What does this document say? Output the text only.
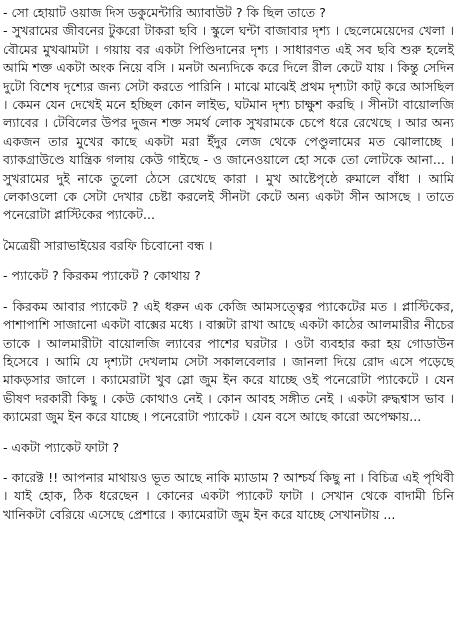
- সো হোয়াট ওয়াজ দিস ডকুমেন্টারি অ্যাবাউট ? কি ছিল তাতে ?

- সুখরামের জীবনের টুকরো টাকরা ছবি । স্কুলে ঘন্টা বাজাবার দৃশ্য । ছেলেমেয়েদের খেলা । বৌমের মুখঝামটা । গয়ায় বর একটা পিণ্ডিদানের দৃশ্য । সাধারণত এই সব ছবি শুরু হলেই আমি শক্ত একটা অংক নিয়ে বসি । মনটা অন্যদিকে করে দিলে রীল কেটে যায় । কিন্তু সেদিন দুটো বিশেষ দৃশ্যের জন্য সেটা করতে পারিনি । মাঝে মাঝেই প্রথম দৃশ্যটা কাট্ করে আসছিল । কেমন যেন দেখেই মনে হচ্ছিল কোন লাইভ, ঘটমান দৃশ্য চাক্ষুশ করছি । সীনটা বায়োলজি ল্যাবের । টেবিলের উপর দুজন শক্ত সমর্থ লোক সুখরামকে চেপে ধরে রেখেছে । আর অন্য একজন তার মুখের কাছে একটা মরা ইঁদুর লেজ থেকে পেণ্ডুলামের মত ঝোলাচ্ছে । ব্যাকগ্রাউণ্ডে যান্ত্রিক গলায় কেউ গাইছে - ও জানেওয়ালে হো সকে তো লোটকে আনা... । সুখরামের দুই নাকে তুলো ঠেসে রেখেছে কারা । মুখ আষ্টেপৃষ্ঠে রুমালে বাঁধা । আমি লেকাওলো কে সেটা দেখার চেষ্টা করলেই সীনটা কেটে অন্য একটা সীন আসছে । তাতে পনেরোটা প্লাস্টিকের প্যাকেট...

মৈত্রেয়ী সারাভাইয়ের বরফি চিবোনো বন্ধ ।

- প্যাকেট ? কিরকম প্যাকেট ? কোথায় ?

- কিরকম আবার প্যাকেট ? এই ধরুন এক কেজি আমসত্ত্বের প্যাকেটের মত । প্লাস্টিকের, পাশাপাশি সাজানো একটা বাক্সের মধ্যে । বাক্সটা রাখা আছে একটা কাঠের আলমারীর নীচের তাকে । আলমারীটা বায়োলজি ল্যাবের পাশের ঘরটার । ওটা ব্যবহার করা হয় গোডাউন হিসেবে । আমি যে দৃশ্যটা দেখলাম সেটা সকালবেলার । জানলা দিয়ে রোদ এসে পড়েছে মাকড়সার জালে । ক্যামেরাটা খুব স্লো জুম ইন করে যাচ্ছে ওই পনেরোটা প্যাকেটে । যেন ভীষণ দরকারী কিছু । কেউ কোথাও নেই । কোন আবহ সঙ্গীত নেই । একটা রুদ্ধশ্বাস ভাব । ক্যামেরা জুম ইন করে যাচ্ছে । পনেরোটা প্যাকেট । যেন বসে আছে কারো অপেক্ষায়...

- একটা প্যাকেট ফাটা ?

- কারেক্ট !! আপনার মাথায়ও ভূত আছে নাকি ম্যাডাম ? আশ্চর্য কিছু না । বিচিত্র এই পৃথিবী । যাই হোক, ঠিক ধরেছেন । কোনের একটা প্যাকেট ফাটা । সেখান থেকে বাদামী চিনি খানিকটা বেরিয়ে এসেছে প্রেশারে । ক্যামেরাটা জুম ইন করে যাচ্ছে সেখানটায় ...
